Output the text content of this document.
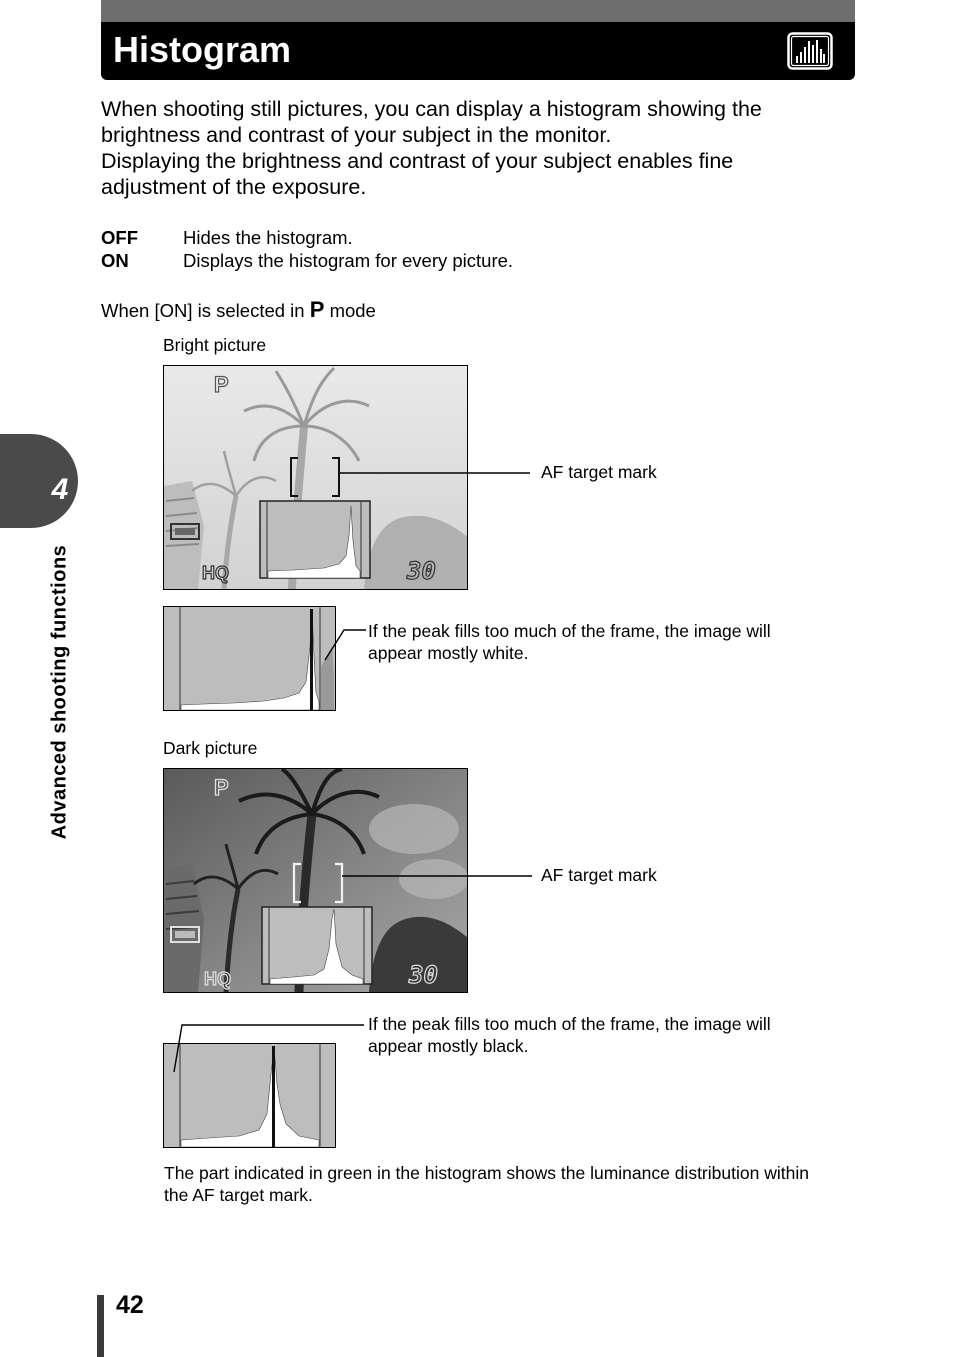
Histogram

When shooting still pictures, you can display a histogram showing the brightness and contrast of your subject in the monitor.

Displaying the brightness and contrast of your subject enables fine adjustment of the exposure.

OFF Hides the histogram.
ON	Displays the histogram for every picture.
When [ON] is selected in P mode
Bright picture
P
HQ	30
AF target mark
If the peak fills too much of the frame, the image will appear mostly white.
Dark picture
P
HQ	30
AF target mark
If the peak fills too much of the frame, the image will appear mostly black.
The part indicated in green in the histogram shows the luminance distribution within the AF target mark.
4
Advanced shooting functions
42
